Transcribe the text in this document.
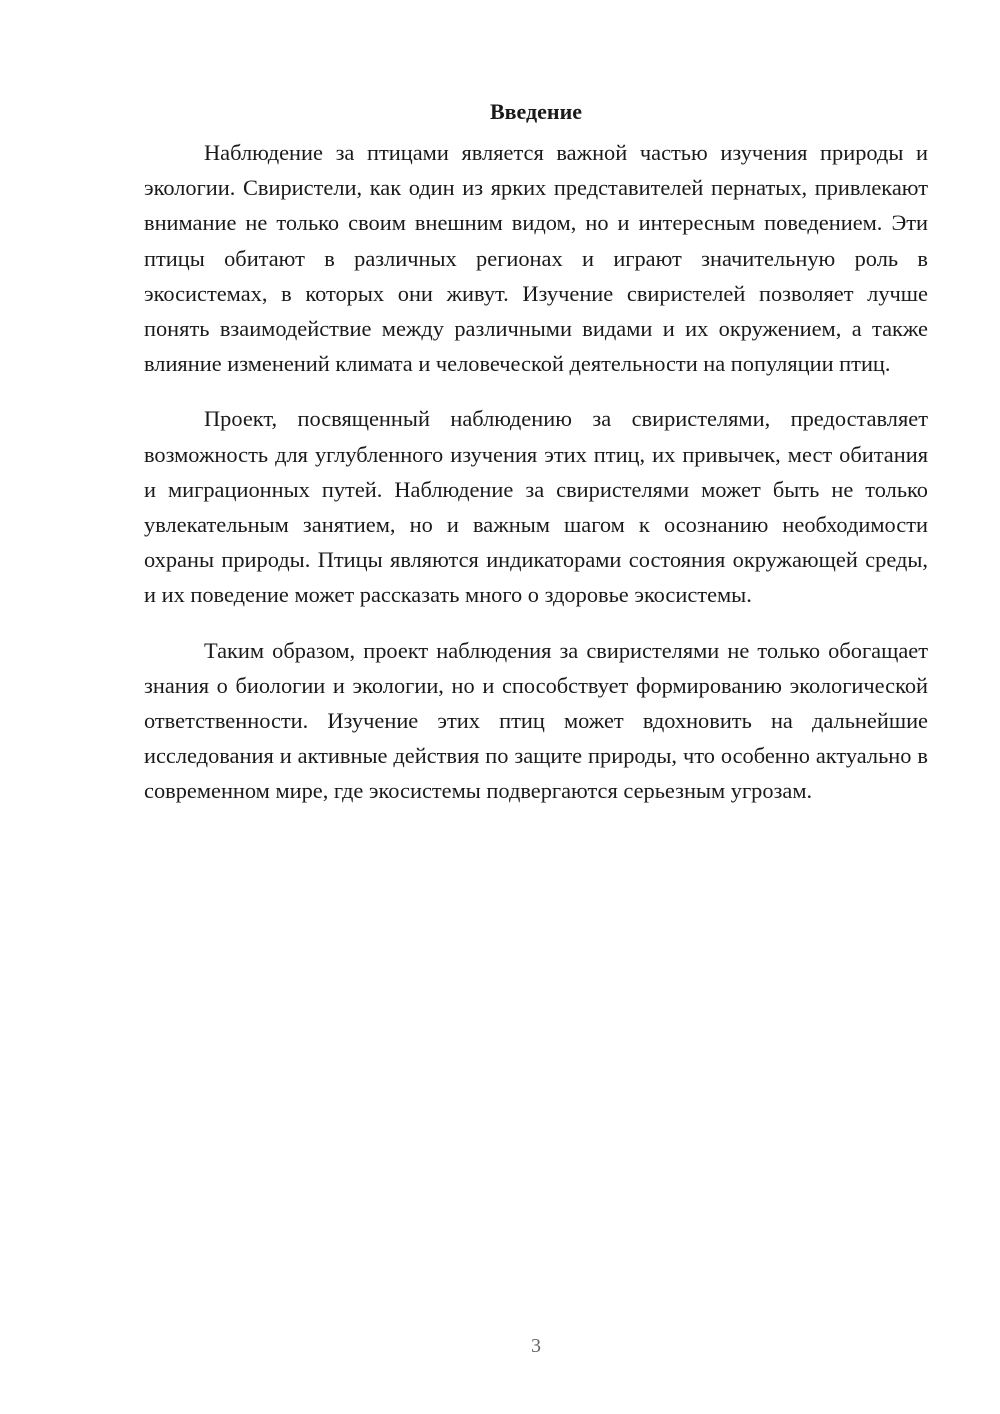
Введение

Наблюдение за птицами является важной частью изучения природы и экологии. Свиристели, как один из ярких представителей пернатых, привлекают внимание не только своим внешним видом, но и интересным поведением. Эти птицы обитают в различных регионах и играют значительную роль в экосистемах, в которых они живут. Изучение свиристелей позволяет лучше понять взаимодействие между различными видами и их окружением, а также влияние изменений климата и человеческой деятельности на популяции птиц.

Проект, посвященный наблюдению за свиристелями, предоставляет возможность для углубленного изучения этих птиц, их привычек, мест обитания и миграционных путей. Наблюдение за свиристелями может быть не только увлекательным занятием, но и важным шагом к осознанию необходимости охраны природы. Птицы являются индикаторами состояния окружающей среды, и их поведение может рассказать много о здоровье экосистемы.

Таким образом, проект наблюдения за свиристелями не только обогащает знания о биологии и экологии, но и способствует формированию экологической ответственности. Изучение этих птиц может вдохновить на дальнейшие исследования и активные действия по защите природы, что особенно актуально в современном мире, где экосистемы подвергаются серьезным угрозам.

3
